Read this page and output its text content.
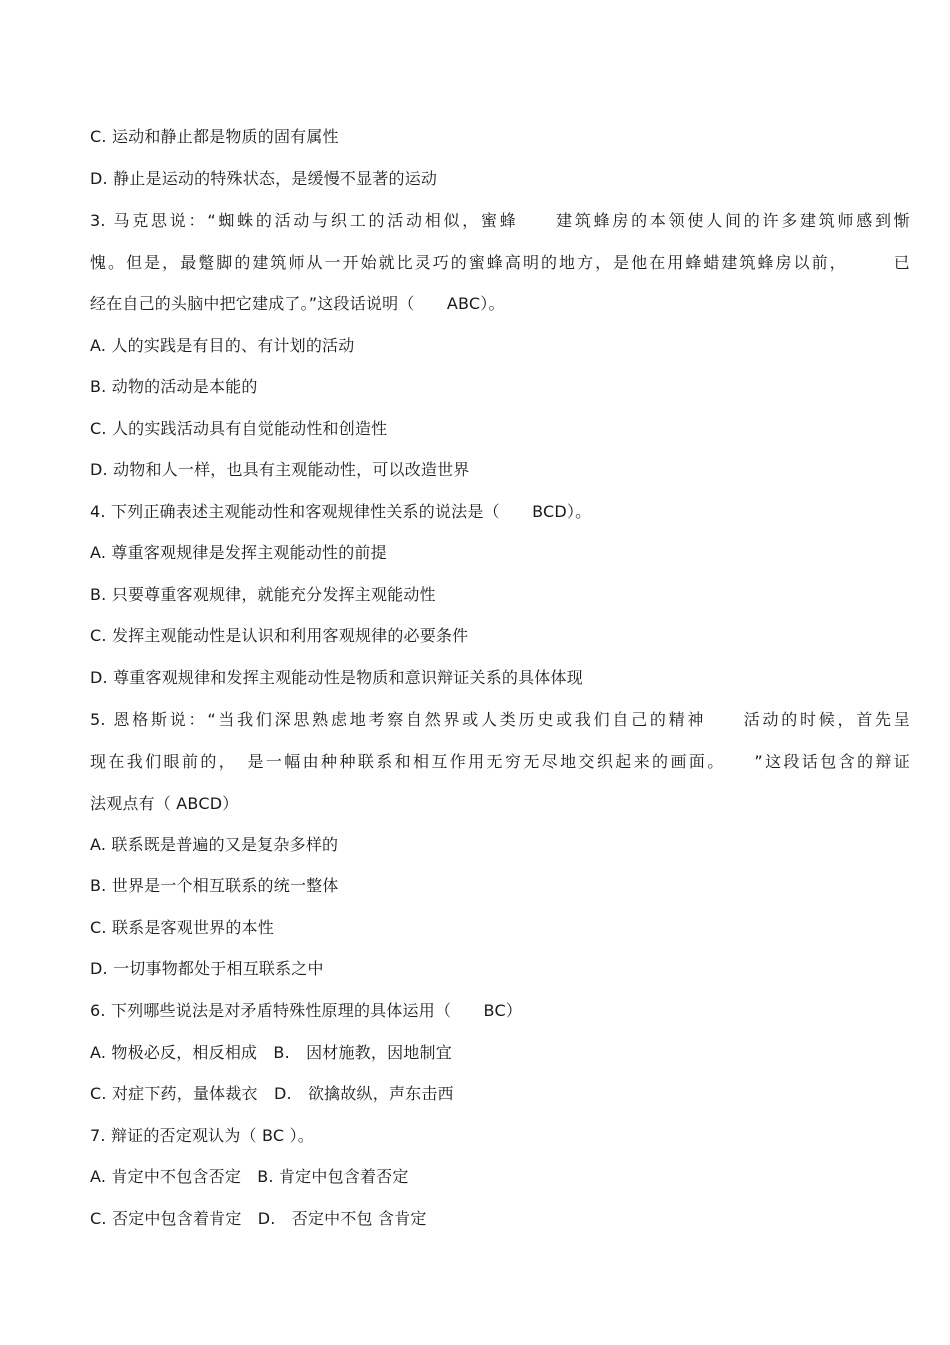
C. 运动和静止都是物质的固有属性
D. 静止是运动的特殊状态，是缓慢不显著的运动
3. 马克思说：“蜘蛛的活动与织工的活动相似，蜜蜂　　建筑蜂房的本领使人间的许多建筑师感到惭
愧。但是，最蹩脚的建筑师从一开始就比灵巧的蜜蜂高明的地方，是他在用蜂蜡建筑蜂房以前，　　　已
经在自己的头脑中把它建成了。”这段话说明（　　ABC）。
A. 人的实践是有目的、有计划的活动
B. 动物的活动是本能的
C. 人的实践活动具有自觉能动性和创造性
D. 动物和人一样，也具有主观能动性，可以改造世界
4. 下列正确表述主观能动性和客观规律性关系的说法是（　　BCD）。
A. 尊重客观规律是发挥主观能动性的前提
B. 只要尊重客观规律，就能充分发挥主观能动性
C. 发挥主观能动性是认识和利用客观规律的必要条件
D. 尊重客观规律和发挥主观能动性是物质和意识辩证关系的具体体现
5. 恩格斯说：“当我们深思熟虑地考察自然界或人类历史或我们自己的精神　　活动的时候，首先呈
现在我们眼前的，　是一幅由种种联系和相互作用无穷无尽地交织起来的画面。　　”这段话包含的辩证
法观点有（ ABCD）
A. 联系既是普遍的又是复杂多样的
B. 世界是一个相互联系的统一整体
C. 联系是客观世界的本性
D. 一切事物都处于相互联系之中
6. 下列哪些说法是对矛盾特殊性原理的具体运用（　　BC）
A. 物极必反，相反相成　B.　因材施教，因地制宜
C. 对症下药，量体裁衣　D.　欲擒故纵，声东击西
7. 辩证的否定观认为（ BC ）。
A. 肯定中不包含否定　B. 肯定中包含着否定
C. 否定中包含着肯定　D.　否定中不包 含肯定
